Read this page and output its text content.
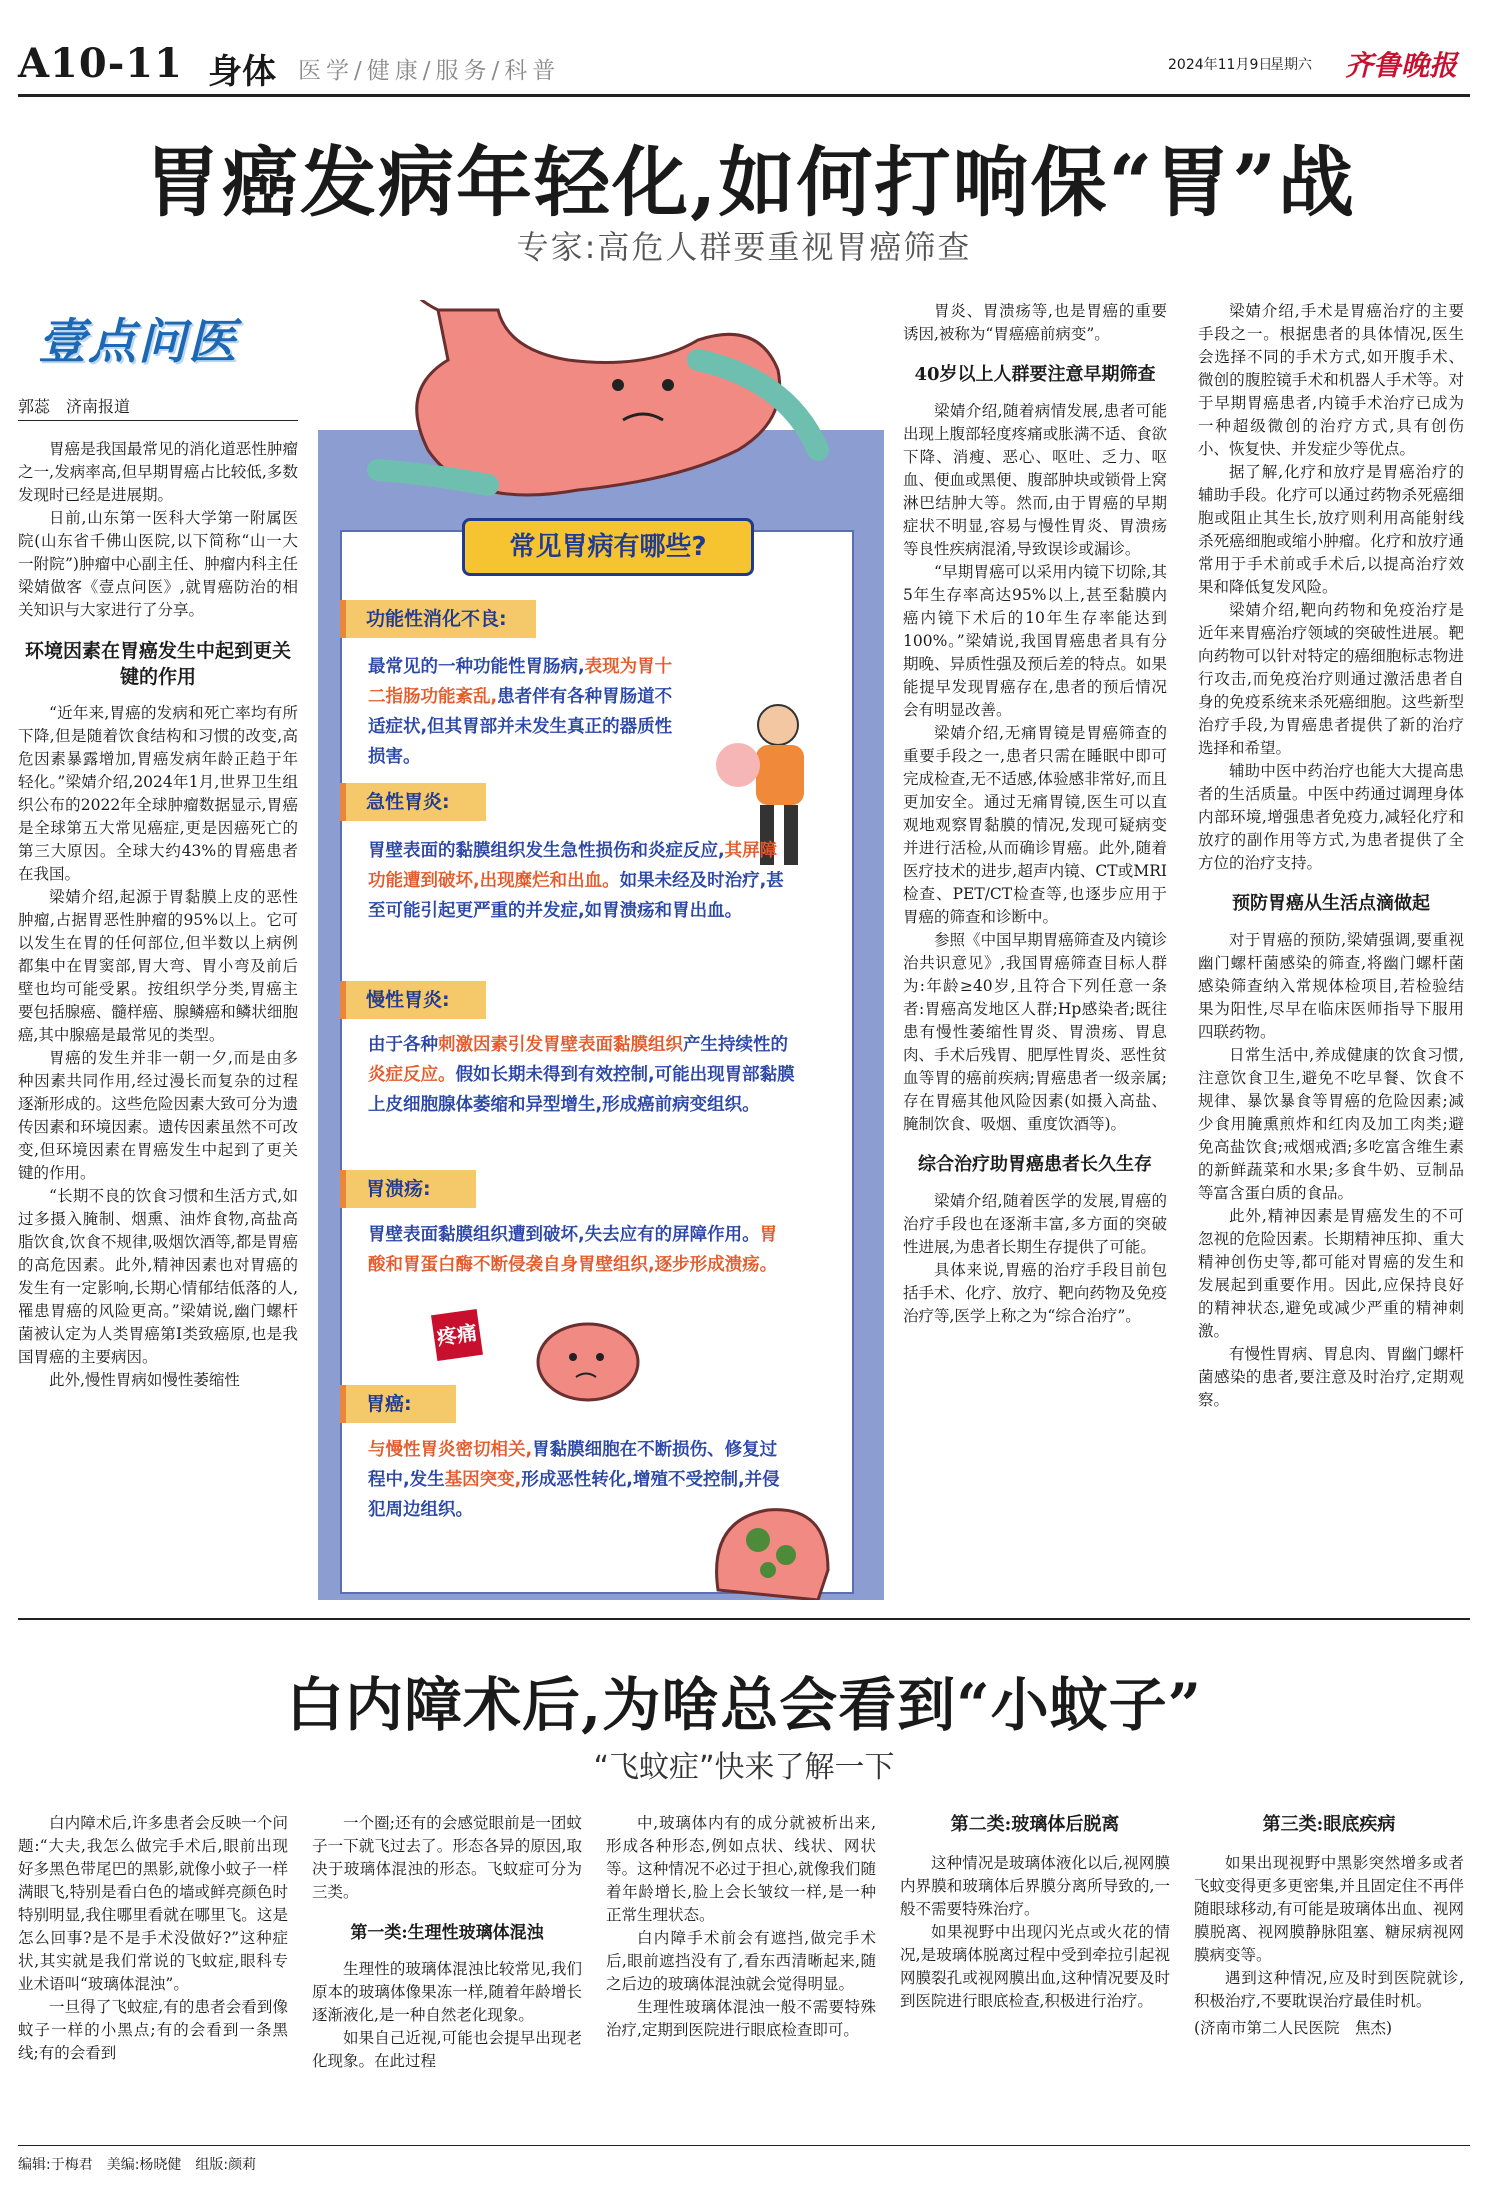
A10-11 身体 医学/健康/服务/科普	2024年11月9日
星期六 齐鲁晚报
胃癌发病年轻化,如何打响保“胃”战
专家:高危人群要重视胃癌筛查
壹点问医
郭蕊　济南报道

胃癌是我国最常见的消化道恶性肿瘤之一,发病率高,但早期胃癌占比较低,多数发现时已经是进展期。

日前,山东第一医科大学第一附属医院(山东省千佛山医院,以下简称“山一大一附院”)肿瘤中心副主任、肿瘤内科主任梁婧做客《壹点问医》,就胃癌防治的相关知识与大家进行了分享。

环境因素在胃癌发生中起到更关键的作用

“近年来,胃癌的发病和死亡率均有所下降,但是随着饮食结构和习惯的改变,高危因素暴露增加,胃癌发病年龄正趋于年轻化。”梁婧介绍,2024年1月,世界卫生组织公布的2022年全球肿瘤数据显示,胃癌是全球第五大常见癌症,更是因癌死亡的第三大原因。全球大约43%的胃癌患者在我国。

梁婧介绍,起源于胃黏膜上皮的恶性肿瘤,占据胃恶性肿瘤的95%以上。它可以发生在胃的任何部位,但半数以上病例都集中在胃窦部,胃大弯、胃小弯及前后壁也均可能受累。按组织学分类,胃癌主要包括腺癌、髓样癌、腺鳞癌和鳞状细胞癌,其中腺癌是最常见的类型。

胃癌的发生并非一朝一夕,而是由多种因素共同作用,经过漫长而复杂的过程逐渐形成的。这些危险因素大致可分为遗传因素和环境因素。遗传因素虽然不可改变,但环境因素在胃癌发生中起到了更关键的作用。

“长期不良的饮食习惯和生活方式,如过多摄入腌制、烟熏、油炸食物,高盐高脂饮食,饮食不规律,吸烟饮酒等,都是胃癌的高危因素。此外,精神因素也对胃癌的发生有一定影响,长期心情郁结低落的人,罹患胃癌的风险更高。”梁婧说,幽门螺杆菌被认定为人类胃癌第Ⅰ类致癌原,也是我国胃癌的主要病因。

此外,慢性胃病如慢性萎缩性

常见胃病有哪些?
功能性消化不良:
最常见的一种功能性胃肠病,表现为胃十二指肠功能紊乱,患者伴有各种胃肠道不适症状,但其胃部并未发生真正的器质性损害。
急性胃炎:
胃壁表面的黏膜组织发生急性损伤和炎症反应,其屏障功能遭到破坏,出现糜烂和出血。如果未经及时治疗,甚至可能引起更严重的并发症,如胃溃疡和胃出血。
慢性胃炎:
由于各种刺激因素引发胃壁表面黏膜组织产生持续性的炎症反应。假如长期未得到有效控制,可能出现胃部黏膜上皮细胞腺体萎缩和异型增生,形成癌前病变组织。
胃溃疡:
胃壁表面黏膜组织遭到破坏,失去应有的屏障作用。胃酸和胃蛋白酶不断侵袭自身胃壁组织,逐步形成溃疡。
疼痛
胃癌:
与慢性胃炎密切相关,胃黏膜细胞在不断损伤、修复过程中,发生基因突变,形成恶性转化,增殖不受控制,并侵犯周边组织。

胃炎、胃溃疡等,也是胃癌的重要诱因,被称为“胃癌癌前病变”。

40岁以上人群要注意早期筛查

梁婧介绍,随着病情发展,患者可能出现上腹部轻度疼痛或胀满不适、食欲下降、消瘦、恶心、呕吐、乏力、呕血、便血或黑便、腹部肿块或锁骨上窝淋巴结肿大等。然而,由于胃癌的早期症状不明显,容易与慢性胃炎、胃溃疡等良性疾病混淆,导致误诊或漏诊。

“早期胃癌可以采用内镜下切除,其5年生存率高达95%以上,甚至黏膜内癌内镜下术后的10年生存率能达到100%。”梁婧说,我国胃癌患者具有分期晚、异质性强及预后差的特点。如果能提早发现胃癌存在,患者的预后情况会有明显改善。

梁婧介绍,无痛胃镜是胃癌筛查的重要手段之一,患者只需在睡眠中即可完成检查,无不适感,体验感非常好,而且更加安全。通过无痛胃镜,医生可以直观地观察胃黏膜的情况,发现可疑病变并进行活检,从而确诊胃癌。此外,随着医疗技术的进步,超声内镜、CT或MRI检查、PET/CT检查等,也逐步应用于胃癌的筛查和诊断中。

参照《中国早期胃癌筛查及内镜诊治共识意见》,我国胃癌筛查目标人群为:年龄≥40岁,且符合下列任意一条者:胃癌高发地区人群;Hp感染者;既往患有慢性萎缩性胃炎、胃溃疡、胃息肉、手术后残胃、肥厚性胃炎、恶性贫血等胃的癌前疾病;胃癌患者一级亲属;存在胃癌其他风险因素(如摄入高盐、腌制饮食、吸烟、重度饮酒等)。

综合治疗助胃癌患者长久生存

梁婧介绍,随着医学的发展,胃癌的治疗手段也在逐渐丰富,多方面的突破性进展,为患者长期生存提供了可能。

具体来说,胃癌的治疗手段目前包括手术、化疗、放疗、靶向药物及免疫治疗等,医学上称之为“综合治疗”。

梁婧介绍,手术是胃癌治疗的主要手段之一。根据患者的具体情况,医生会选择不同的手术方式,如开腹手术、微创的腹腔镜手术和机器人手术等。对于早期胃癌患者,内镜手术治疗已成为一种超级微创的治疗方式,具有创伤小、恢复快、并发症少等优点。

据了解,化疗和放疗是胃癌治疗的辅助手段。化疗可以通过药物杀死癌细胞或阻止其生长,放疗则利用高能射线杀死癌细胞或缩小肿瘤。化疗和放疗通常用于手术前或手术后,以提高治疗效果和降低复发风险。

梁婧介绍,靶向药物和免疫治疗是近年来胃癌治疗领域的突破性进展。靶向药物可以针对特定的癌细胞标志物进行攻击,而免疫治疗则通过激活患者自身的免疫系统来杀死癌细胞。这些新型治疗手段,为胃癌患者提供了新的治疗选择和希望。

辅助中医中药治疗也能大大提高患者的生活质量。中医中药通过调理身体内部环境,增强患者免疫力,减轻化疗和放疗的副作用等方式,为患者提供了全方位的治疗支持。

预防胃癌从生活点滴做起

对于胃癌的预防,梁婧强调,要重视幽门螺杆菌感染的筛查,将幽门螺杆菌感染筛查纳入常规体检项目,若检验结果为阳性,尽早在临床医师指导下服用四联药物。

日常生活中,养成健康的饮食习惯,注意饮食卫生,避免不吃早餐、饮食不规律、暴饮暴食等胃癌的危险因素;减少食用腌熏煎炸和红肉及加工肉类;避免高盐饮食;戒烟戒酒;多吃富含维生素的新鲜蔬菜和水果;多食牛奶、豆制品等富含蛋白质的食品。

此外,精神因素是胃癌发生的不可忽视的危险因素。长期精神压抑、重大精神创伤史等,都可能对胃癌的发生和发展起到重要作用。因此,应保持良好的精神状态,避免或减少严重的精神刺激。

有慢性胃病、胃息肉、胃幽门螺杆菌感染的患者,要注意及时治疗,定期观察。

白内障术后,为啥总会看到“小蚊子”
“飞蚊症”快来了解一下

白内障术后,许多患者会反映一个问题:“大夫,我怎么做完手术后,眼前出现好多黑色带尾巴的黑影,就像小蚊子一样满眼飞,特别是看白色的墙或鲜亮颜色时特别明显,我住哪里看就在哪里飞。这是怎么回事?是不是手术没做好?”这种症状,其实就是我们常说的飞蚊症,眼科专业术语叫“玻璃体混浊”。

一旦得了飞蚊症,有的患者会看到像蚊子一样的小黑点;有的会看到一条黑线;有的会看到

一个圈;还有的会感觉眼前是一团蚊子一下就飞过去了。形态各异的原因,取决于玻璃体混浊的形态。飞蚊症可分为三类。

第一类:生理性玻璃体混浊

生理性的玻璃体混浊比较常见,我们原本的玻璃体像果冻一样,随着年龄增长逐渐液化,是一种自然老化现象。

如果自己近视,可能也会提早出现老化现象。在此过程

中,玻璃体内有的成分就被析出来,形成各种形态,例如点状、线状、网状等。这种情况不必过于担心,就像我们随着年龄增长,脸上会长皱纹一样,是一种正常生理状态。

白内障手术前会有遮挡,做完手术后,眼前遮挡没有了,看东西清晰起来,随之后边的玻璃体混浊就会觉得明显。

生理性玻璃体混浊一般不需要特殊治疗,定期到医院进行眼底检查即可。

第二类:玻璃体后脱离

这种情况是玻璃体液化以后,视网膜内界膜和玻璃体后界膜分离所导致的,一般不需要特殊治疗。

如果视野中出现闪光点或火花的情况,是玻璃体脱离过程中受到牵拉引起视网膜裂孔或视网膜出血,这种情况要及时到医院进行眼底检查,积极进行治疗。

第三类:眼底疾病

如果出现视野中黑影突然增多或者飞蚊变得更多更密集,并且固定住不再伴随眼球移动,有可能是玻璃体出血、视网膜脱离、视网膜静脉阻塞、糖尿病视网膜病变等。

遇到这种情况,应及时到医院就诊,积极治疗,不要耽误治疗最佳时机。

(济南市第二人民医院　焦杰)
编辑:于梅君　美编:杨晓健　组版:颜莉
